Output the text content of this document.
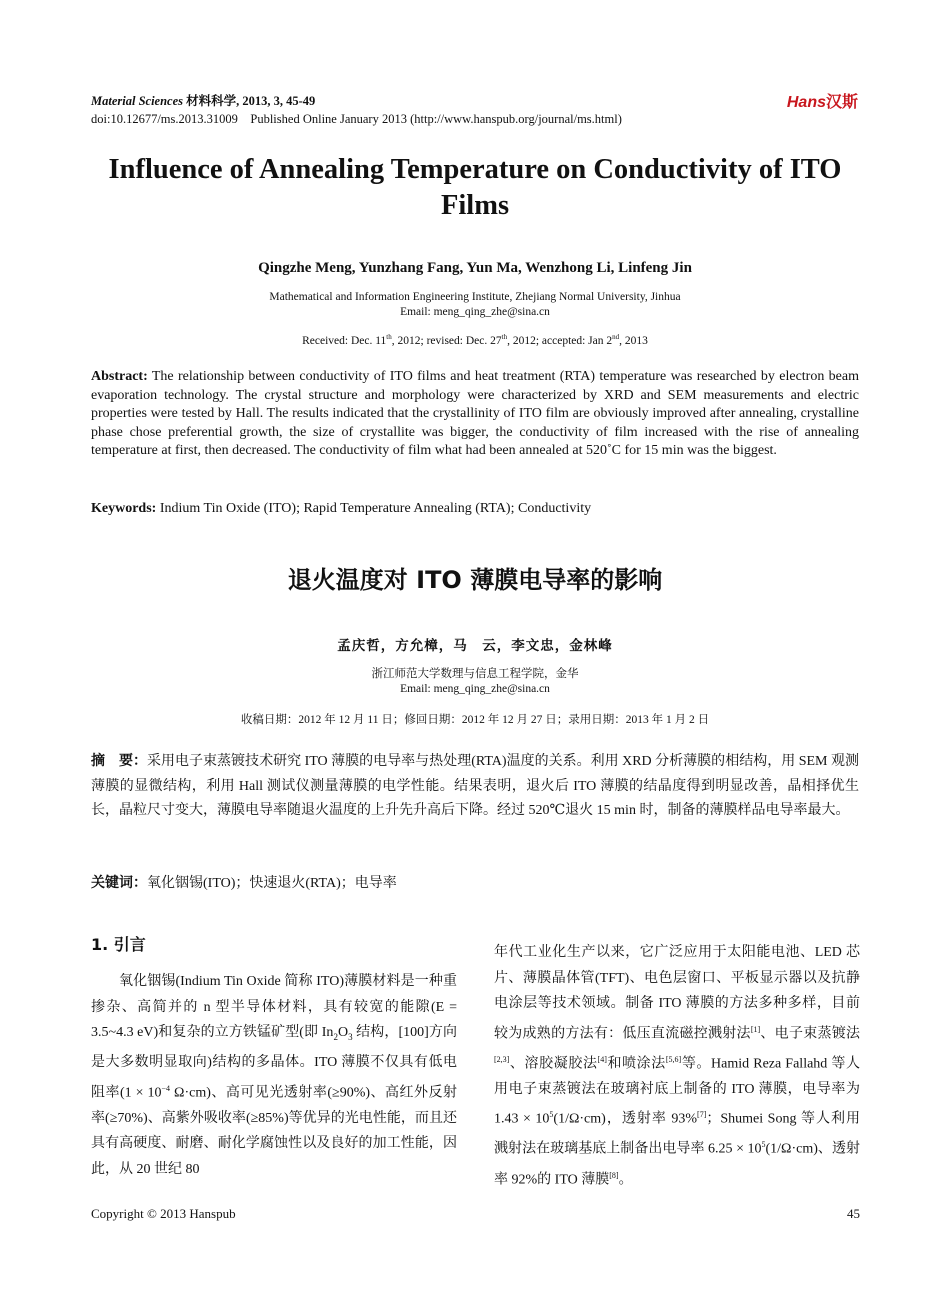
Material Sciences 材料科学, 2013, 3, 45-49
doi:10.12677/ms.2013.31009    Published Online January 2013 (http://www.hanspub.org/journal/ms.html)
Hans汉斯
Influence of Annealing Temperature on Conductivity of ITO
Films
Qingzhe Meng, Yunzhang Fang, Yun Ma, Wenzhong Li, Linfeng Jin
Mathematical and Information Engineering Institute, Zhejiang Normal University, Jinhua
Email: meng_qing_zhe@sina.cn
Received: Dec. 11th, 2012; revised: Dec. 27th, 2012; accepted: Jan 2nd, 2013
Abstract: The relationship between conductivity of ITO films and heat treatment (RTA) temperature was researched by electron beam evaporation technology. The crystal structure and morphology were characterized by XRD and SEM measurements and electric properties were tested by Hall. The results indicated that the crystallinity of ITO film are obviously improved after annealing, crystalline phase chose preferential growth, the size of crystallite was bigger, the conductivity of film increased with the rise of annealing temperature at first, then decreased. The conductivity of film what had been annealed at 520˚C for 15 min was the biggest.
Keywords: Indium Tin Oxide (ITO); Rapid Temperature Annealing (RTA); Conductivity
退火温度对 ITO 薄膜电导率的影响
孟庆哲，方允樟，马　云，李文忠，金林峰
浙江师范大学数理与信息工程学院，金华
Email: meng_qing_zhe@sina.cn
收稿日期：2012 年 12 月 11 日；修回日期：2012 年 12 月 27 日；录用日期：2013 年 1 月 2 日
摘　要：采用电子束蒸镀技术研究 ITO 薄膜的电导率与热处理(RTA)温度的关系。利用 XRD 分析薄膜的相结构，用 SEM 观测薄膜的显微结构，利用 Hall 测试仪测量薄膜的电学性能。结果表明，退火后 ITO 薄膜的结晶度得到明显改善，晶相择优生长，晶粒尺寸变大，薄膜电导率随退火温度的上升先升高后下降。经过 520℃退火 15 min 时，制备的薄膜样品电导率最大。
关键词：氧化铟锡(ITO)；快速退火(RTA)；电导率
1. 引言
氧化铟锡(Indium Tin Oxide 简称 ITO)薄膜材料是一种重掺杂、高简并的 n 型半导体材料，具有较宽的能隙(E = 3.5~4.3 eV)和复杂的立方铁锰矿型(即 $In_2O_3$ 结构，[100]方向是大多数明显取向)结构的多晶体。ITO 薄膜不仅具有低电阻率($1 \times 10^{-4}$ Ω·cm)、高可见光透射率(≥90%)、高红外反射率(≥70%)、高紫外吸收率(≥85%)等优异的光电性能，而且还具有高硬度、耐磨、耐化学腐蚀性以及良好的加工性能，因此，从 20 世纪 80
年代工业化生产以来，它广泛应用于太阳能电池、LED 芯片、薄膜晶体管(TFT)、电色层窗口、平板显示器以及抗静电涂层等技术领域。制备 ITO 薄膜的方法多种多样，目前较为成熟的方法有：低压直流磁控溅射法[1]、电子束蒸镀法[2,3]、溶胶凝胶法[4]和喷涂法[5,6]等。Hamid Reza Fallahd 等人用电子束蒸镀法在玻璃衬底上制备的 ITO 薄膜，电导率为 $1.43 \times 10^5(1/\Omega\cdot cm)$，透射率 93%[7]；Shumei Song 等人利用溅射法在玻璃基底上制备出电导率 $6.25 \times 10^5(1/\Omega\cdot cm)$、透射率 92%的 ITO 薄膜[8]。
Copyright © 2013 Hanspub	45
